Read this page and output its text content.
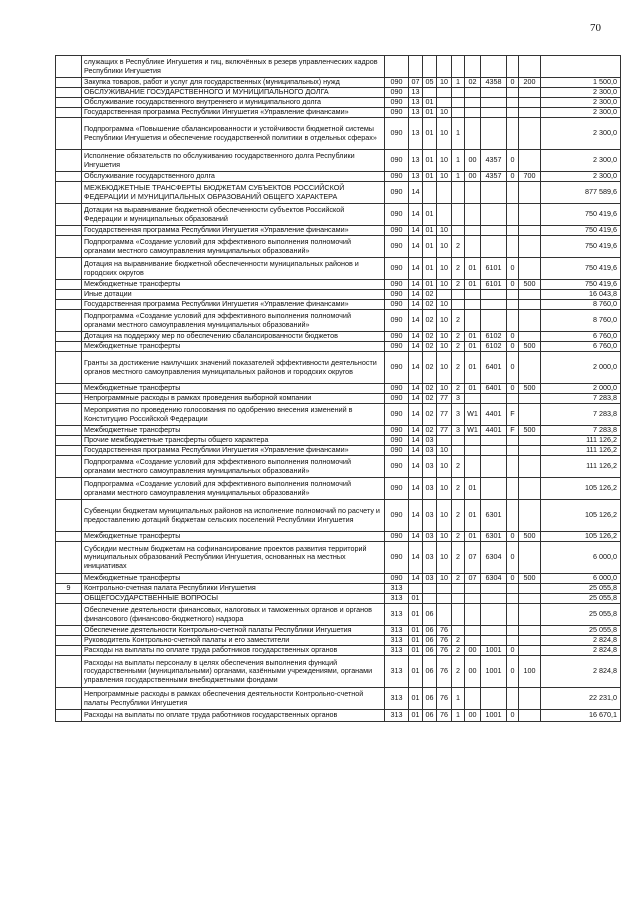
70
	служащих в Республике Ингушетия и гиц, включённых в резерв управленческих кадров Республики Ингушетия										
	Закупка товаров, работ и услуг для государственных (муниципальных) нужд	090	07	05	10	1	02	4358	0	200	1 500,0
	ОБСЛУЖИВАНИЕ ГОСУДАРСТВЕННОГО И МУНИЦИПАЛЬНОГО ДОЛГА	090	13								2 300,0
	Обслуживание государственного внутреннего и муниципального долга	090	13	01							2 300,0
	Государственная программа Республики Ингушетия «Управление финансами»	090	13	01	10						2 300,0
	Подпрограмма «Повышение сбалансированности и устойчивости бюджетной системы Республики Ингушетия и обеспечение государственной политики в отдельных сферах»	090	13	01	10	1					2 300,0
	Исполнение обязательств по обслуживанию государственного долга Республики Ингушетия	090	13	01	10	1	00	4357	0		2 300,0
	Обслуживание государственного долга	090	13	01	10	1	00	4357	0	700	2 300,0
	МЕЖБЮДЖЕТНЫЕ ТРАНСФЕРТЫ БЮДЖЕТАМ СУБЪЕКТОВ РОССИЙСКОЙ ФЕДЕРАЦИИ И МУНИЦИПАЛЬНЫХ ОБРАЗОВАНИЙ ОБЩЕГО ХАРАКТЕРА	090	14								877 589,6
	Дотации на выравнивание бюджетной обеспеченности субъектов Российской Федерации и муниципальных образований	090	14	01							750 419,6
	Государственная программа Республики Ингушетия «Управление финансами»	090	14	01	10						750 419,6
	Подпрограмма «Создание условий для эффективного выполнения полномочий органами местного самоуправления муниципальных образований»	090	14	01	10	2					750 419,6
	Дотация на выравнивание бюджетной обеспеченности муниципальных районов и городских округов	090	14	01	10	2	01	6101	0		750 419,6
	Межбюджетные трансферты	090	14	01	10	2	01	6101	0	500	750 419,6
	Иные дотации	090	14	02							16 043,8
	Государственная программа Республики Ингушетия «Управление финансами»	090	14	02	10						8 760,0
	Подпрограмма «Создание условий для эффективного выполнения полномочий органами местного самоуправления муниципальных образований»	090	14	02	10	2					8 760,0
	Дотация на поддержку мер по обеспечению сбалансированности бюджетов	090	14	02	10	2	01	6102	0		6 760,0
	Межбюджетные трансферты	090	14	02	10	2	01	6102	0	500	6 760,0
	Гранты за достижение наилучших значений показателей эффективности деятельности органов местного самоуправления муниципальных районов и городских округов	090	14	02	10	2	01	6401	0		2 000,0
	Межбюджетные трансферты	090	14	02	10	2	01	6401	0	500	2 000,0
	Непрограммные расходы в рамках проведения выборной компании	090	14	02	77	3					7 283,8
	Мероприятия по проведению голосования по одобрению внесения изменений в Конституцию Российской Федерации	090	14	02	77	3	W1	4401	F		7 283,8
	Межбюджетные трансферты	090	14	02	77	3	W1	4401	F	500	7 283,8
	Прочие межбюджетные трансферты общего характера	090	14	03							111 126,2
	Государственная программа Республики Ингушетия «Управление финансами»	090	14	03	10						111 126,2
	Подпрограмма «Создание условий для эффективного выполнения полномочий органами местного самоуправления муниципальных образований»	090	14	03	10	2					111 126,2
	Подпрограмма «Создание условий для эффективного выполнения полномочий органами местного самоуправления муниципальных образований»	090	14	03	10	2	01				105 126,2
	Субвенции бюджетам муниципальных районов на исполнение полномочий по расчету и предоставлению дотаций бюджетам сельских поселений Республики Ингушетия	090	14	03	10	2	01	6301			105 126,2
	Межбюджетные трансферты	090	14	03	10	2	01	6301	0	500	105 126,2
	Субсидии местным бюджетам на софинансирование проектов развития территорий муниципальных образований Республики Ингушетия, основанных на местных инициативах	090	14	03	10	2	07	6304	0		6 000,0
	Межбюджетные трансферты	090	14	03	10	2	07	6304	0	500	6 000,0
9	Контрольно-счетная палата Республики Ингушетия	313									25 055,8
	ОБЩЕГОСУДАРСТВЕННЫЕ ВОПРОСЫ	313	01								25 055,8
	Обеспечение деятельности финансовых, налоговых и таможенных органов и органов финансового (финансово-бюджетного) надзора	313	01	06							25 055,8
	Обеспечение деятельности Контрольно-счетной палаты Республики Ингушетия	313	01	06	76						25 055,8
	Руководитель Контрольно-счетной палаты и его заместители	313	01	06	76	2					2 824,8
	Расходы на выплаты по оплате труда работников государственных органов	313	01	06	76	2	00	1001	0		2 824,8
	Расходы на выплаты персоналу в целях обеспечения выполнения функций государственными (муниципальными) органами, казёнными учреждениями, органами управления государственными внебюджетными фондами	313	01	06	76	2	00	1001	0	100	2 824,8
	Непрограммные расходы в рамках обеспечения деятельности Контрольно-счетной палаты Республики Ингушетия	313	01	06	76	1					22 231,0
	Расходы на выплаты по оплате труда работников государственных органов	313	01	06	76	1	00	1001	0		16 670,1
